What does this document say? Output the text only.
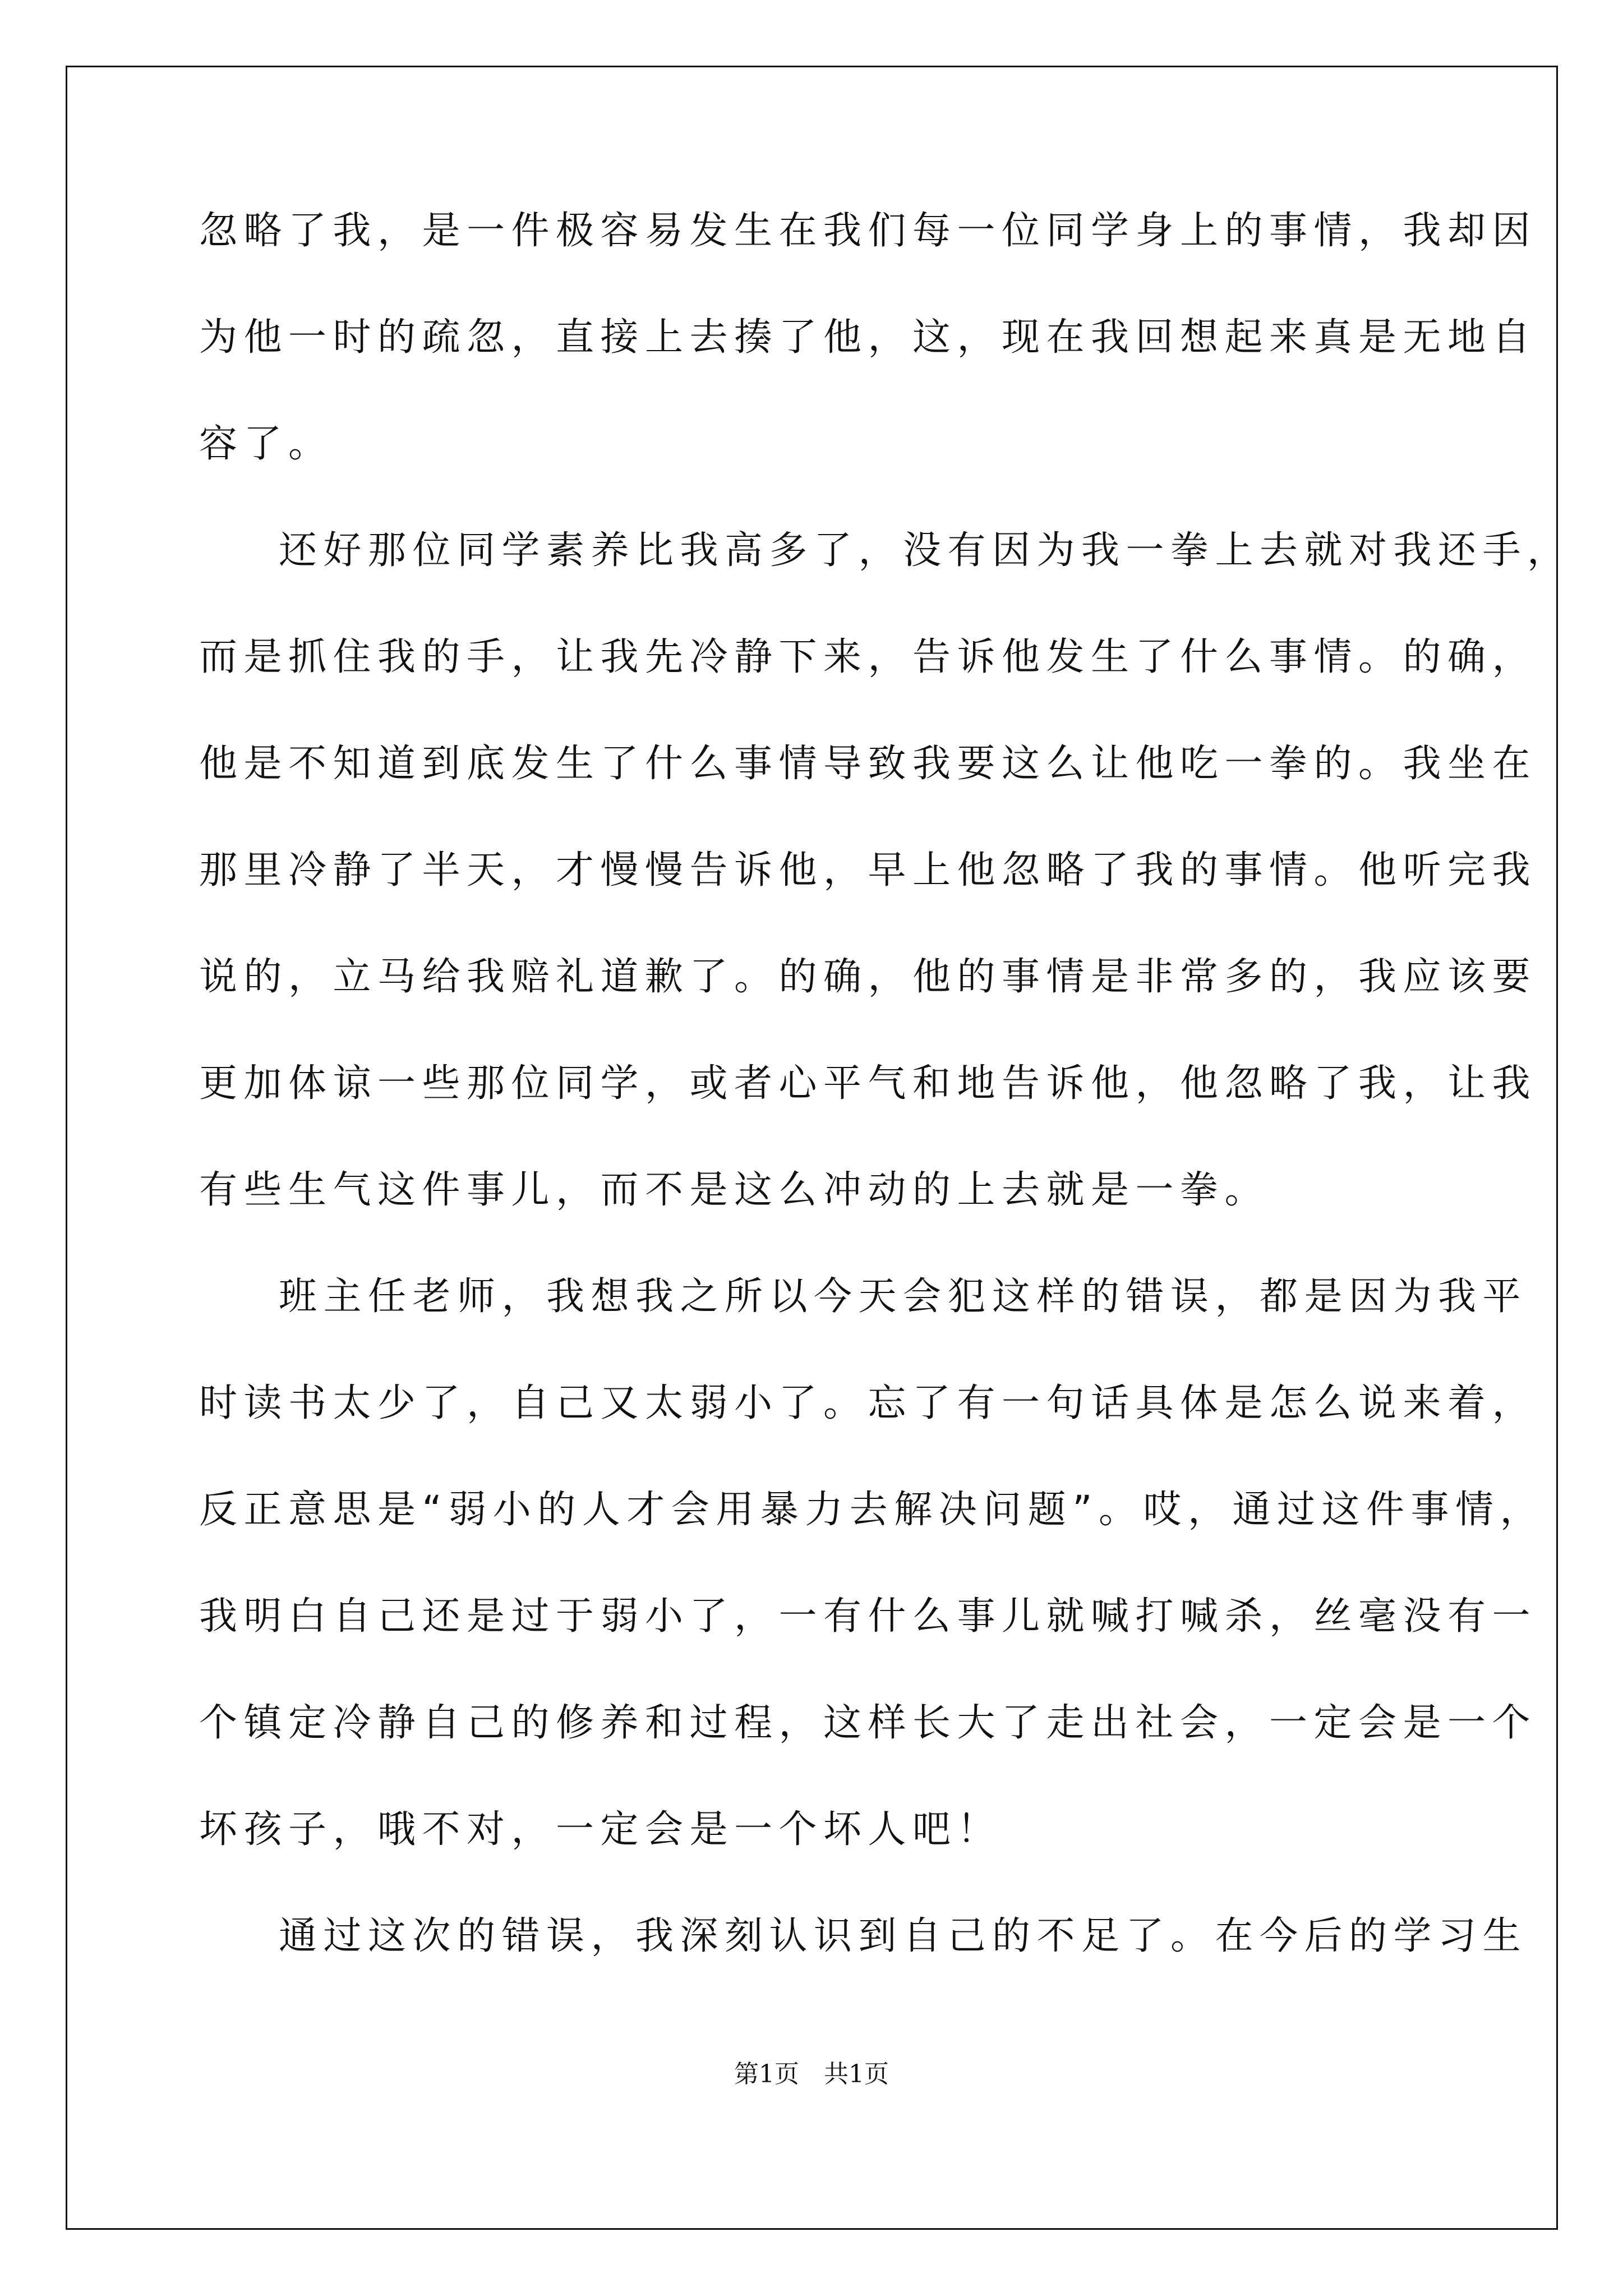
忽略了我，是一件极容易发生在我们每一位同学身上的事情，我却因
为他一时的疏忽，直接上去揍了他，这，现在我回想起来真是无地自
容了。
还好那位同学素养比我高多了，没有因为我一拳上去就对我还手，
而是抓住我的手，让我先冷静下来，告诉他发生了什么事情。的确，
他是不知道到底发生了什么事情导致我要这么让他吃一拳的。我坐在
那里冷静了半天，才慢慢告诉他，早上他忽略了我的事情。他听完我
说的，立马给我赔礼道歉了。的确，他的事情是非常多的，我应该要
更加体谅一些那位同学，或者心平气和地告诉他，他忽略了我，让我
有些生气这件事儿，而不是这么冲动的上去就是一拳。
班主任老师，我想我之所以今天会犯这样的错误，都是因为我平
时读书太少了，自己又太弱小了。忘了有一句话具体是怎么说来着，
反正意思是“弱小的人才会用暴力去解决问题”。哎，通过这件事情，
我明白自己还是过于弱小了，一有什么事儿就喊打喊杀，丝毫没有一
个镇定冷静自己的修养和过程，这样长大了走出社会，一定会是一个
坏孩子，哦不对，一定会是一个坏人吧！
通过这次的错误，我深刻认识到自己的不足了。在今后的学习生
第1页 共1页
